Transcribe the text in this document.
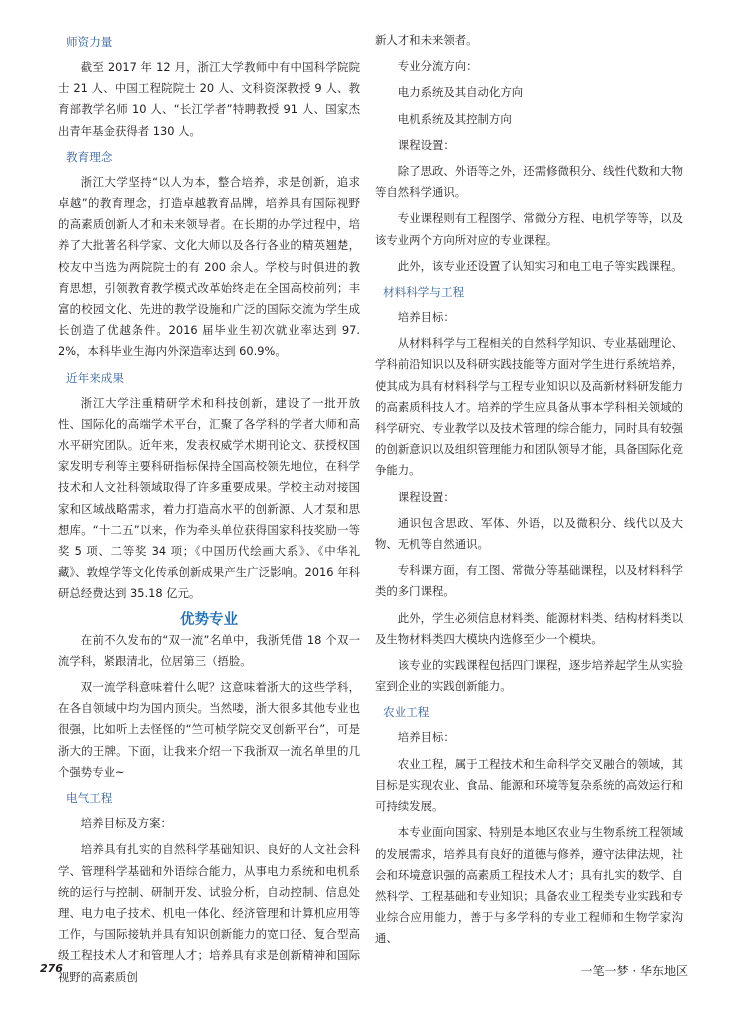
师资力量

截至 2017 年 12 月，浙江大学教师中有中国科学院院士 21 人、中国工程院院士 20 人、文科资深教授 9 人、教育部教学名师 10 人、“长江学者”特聘教授 91 人、国家杰出青年基金获得者 130 人。

教育理念

浙江大学坚持“以人为本，整合培养，求是创新，追求卓越”的教育理念，打造卓越教育品牌，培养具有国际视野的高素质创新人才和未来领导者。在长期的办学过程中，培养了大批著名科学家、文化大师以及各行各业的精英翘楚，校友中当选为两院院士的有 200 余人。学校与时俱进的教育思想，引领教育教学模式改革始终走在全国高校前列；丰富的校园文化、先进的教学设施和广泛的国际交流为学生成长创造了优越条件。2016 届毕业生初次就业率达到 97.2%，本科毕业生海内外深造率达到 60.9%。

近年来成果

浙江大学注重精研学术和科技创新，建设了一批开放性、国际化的高端学术平台，汇聚了各学科的学者大师和高水平研究团队。近年来，发表权威学术期刊论文、获授权国家发明专利等主要科研指标保持全国高校领先地位，在科学技术和人文社科领域取得了许多重要成果。学校主动对接国家和区域战略需求，着力打造高水平的创新源、人才泵和思想库。“十二五”以来，作为牵头单位获得国家科技奖励一等奖 5 项、二等奖 34 项；《中国历代绘画大系》、《中华礼藏》、敦煌学等文化传承创新成果产生广泛影响。2016 年科研总经费达到 35.18 亿元。

优势专业

在前不久发布的“双一流”名单中，我浙凭借 18 个双一流学科，紧跟清北，位居第三（捂脸。

双一流学科意味着什么呢？这意味着浙大的这些学科，在各自领域中均为国内顶尖。当然喽，浙大很多其他专业也很强，比如听上去怪怪的“竺可桢学院交叉创新平台”，可是浙大的王牌。下面，让我来介绍一下我浙双一流名单里的几个强势专业~

电气工程

培养目标及方案：

培养具有扎实的自然科学基础知识、良好的人文社会科学、管理科学基础和外语综合能力，从事电力系统和电机系统的运行与控制、研制开发、试验分析，自动控制、信息处理、电力电子技术、机电一体化、经济管理和计算机应用等工作，与国际接轨并具有知识创新能力的宽口径、复合型高级工程技术人才和管理人才；培养具有求是创新精神和国际视野的高素质创

新人才和未来领者。

专业分流方向：

电力系统及其自动化方向

电机系统及其控制方向

课程设置：

除了思政、外语等之外，还需修微积分、线性代数和大物等自然科学通识。

专业课程则有工程图学、常微分方程、电机学等等，以及该专业两个方向所对应的专业课程。

此外，该专业还设置了认知实习和电工电子等实践课程。

材料科学与工程

培养目标：

从材料科学与工程相关的自然科学知识、专业基础理论、学科前沿知识以及科研实践技能等方面对学生进行系统培养，使其成为具有材料科学与工程专业知识以及高新材料研发能力的高素质科技人才。培养的学生应具备从事本学科相关领域的科学研究、专业教学以及技术管理的综合能力，同时具有较强的创新意识以及组织管理能力和团队领导才能，具备国际化竞争能力。

课程设置：

通识包含思政、军体、外语，以及微积分、线代以及大物、无机等自然通识。

专科课方面，有工图、常微分等基础课程，以及材料科学类的多门课程。

此外，学生必须信息材料类、能源材料类、结构材料类以及生物材料类四大模块内选修至少一个模块。

该专业的实践课程包括四门课程，逐步培养起学生从实验室到企业的实践创新能力。

农业工程

培养目标：

农业工程，属于工程技术和生命科学交叉融合的领域，其目标是实现农业、食品、能源和环境等复杂系统的高效运行和可持续发展。

本专业面向国家、特别是本地区农业与生物系统工程领域的发展需求，培养具有良好的道德与修养，遵守法律法规，社会和环境意识强的高素质工程技术人才；具有扎实的数学、自然科学、工程基础和专业知识；具备农业工程类专业实践和专业综合应用能力，善于与多学科的专业工程师和生物学家沟通、

276	一笔一梦 · 华东地区
